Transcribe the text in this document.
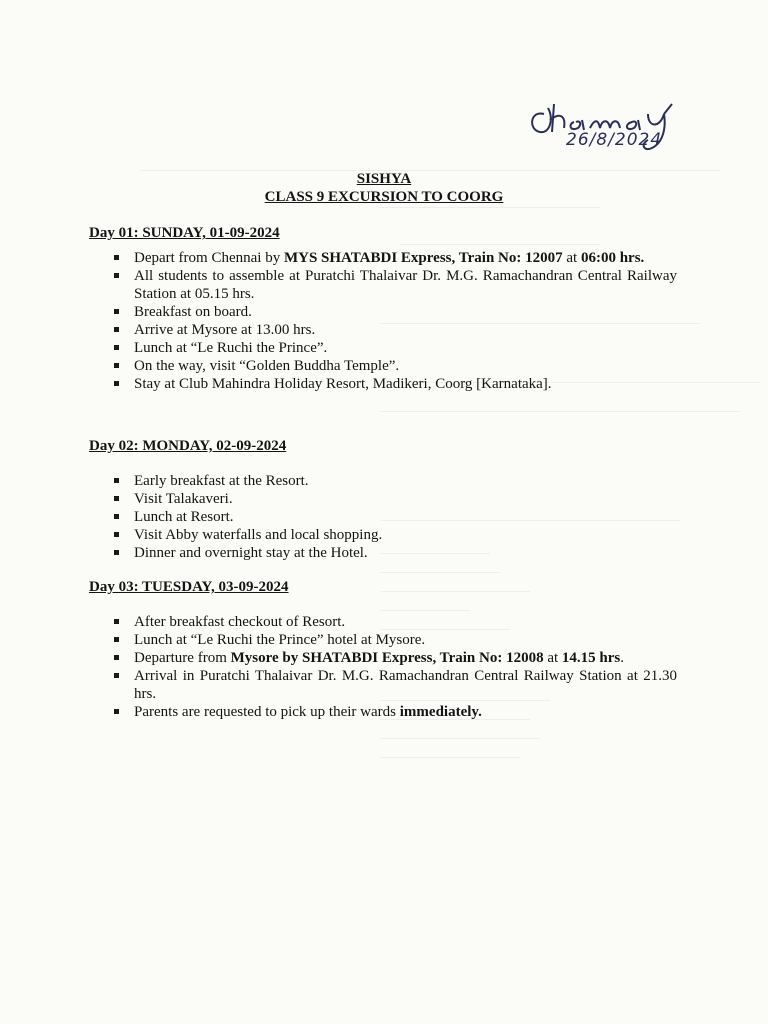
26/8/2024
SISHYA
CLASS 9 EXCURSION TO COORG
Day 01: SUNDAY, 01-09-2024
Depart from Chennai by MYS SHATABDI Express, Train No: 12007 at 06:00 hrs.
All students to assemble at Puratchi Thalaivar Dr. M.G. Ramachandran Central Railway Station at 05.15 hrs.
Breakfast on board.
Arrive at Mysore at 13.00 hrs.
Lunch at “Le Ruchi the Prince”.
On the way, visit “Golden Buddha Temple”.
Stay at Club Mahindra Holiday Resort, Madikeri, Coorg [Karnataka].
Day 02: MONDAY, 02-09-2024
Early breakfast at the Resort.
Visit Talakaveri.
Lunch at Resort.
Visit Abby waterfalls and local shopping.
Dinner and overnight stay at the Hotel.
Day 03: TUESDAY, 03-09-2024
After breakfast checkout of Resort.
Lunch at “Le Ruchi the Prince” hotel at Mysore.
Departure from Mysore by SHATABDI Express, Train No: 12008 at 14.15 hrs.
Arrival in Puratchi Thalaivar Dr. M.G. Ramachandran Central Railway Station at 21.30 hrs.
Parents are requested to pick up their wards immediately.
